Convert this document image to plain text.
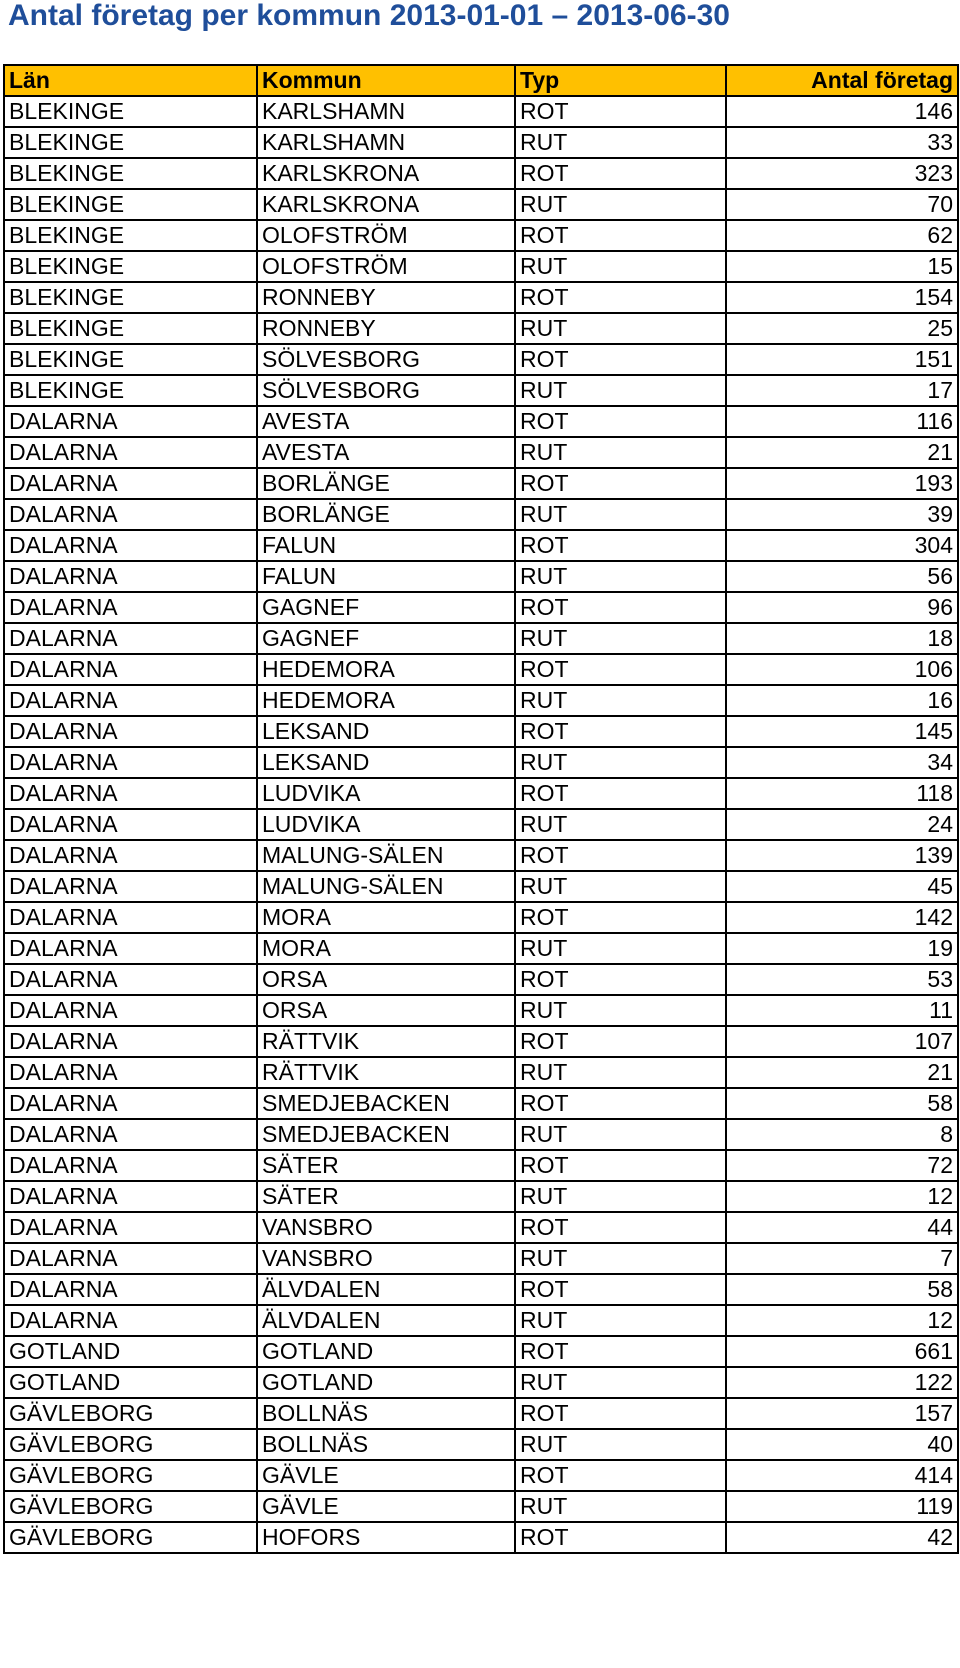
Antal företag per kommun 2013-01-01 – 2013-06-30
Län	Kommun	Typ	Antal företag
BLEKINGE	KARLSHAMN	ROT	146
BLEKINGE	KARLSHAMN	RUT	33
BLEKINGE	KARLSKRONA	ROT	323
BLEKINGE	KARLSKRONA	RUT	70
BLEKINGE	OLOFSTRÖM	ROT	62
BLEKINGE	OLOFSTRÖM	RUT	15
BLEKINGE	RONNEBY	ROT	154
BLEKINGE	RONNEBY	RUT	25
BLEKINGE	SÖLVESBORG	ROT	151
BLEKINGE	SÖLVESBORG	RUT	17
DALARNA	AVESTA	ROT	116
DALARNA	AVESTA	RUT	21
DALARNA	BORLÄNGE	ROT	193
DALARNA	BORLÄNGE	RUT	39
DALARNA	FALUN	ROT	304
DALARNA	FALUN	RUT	56
DALARNA	GAGNEF	ROT	96
DALARNA	GAGNEF	RUT	18
DALARNA	HEDEMORA	ROT	106
DALARNA	HEDEMORA	RUT	16
DALARNA	LEKSAND	ROT	145
DALARNA	LEKSAND	RUT	34
DALARNA	LUDVIKA	ROT	118
DALARNA	LUDVIKA	RUT	24
DALARNA	MALUNG-SÄLEN	ROT	139
DALARNA	MALUNG-SÄLEN	RUT	45
DALARNA	MORA	ROT	142
DALARNA	MORA	RUT	19
DALARNA	ORSA	ROT	53
DALARNA	ORSA	RUT	11
DALARNA	RÄTTVIK	ROT	107
DALARNA	RÄTTVIK	RUT	21
DALARNA	SMEDJEBACKEN	ROT	58
DALARNA	SMEDJEBACKEN	RUT	8
DALARNA	SÄTER	ROT	72
DALARNA	SÄTER	RUT	12
DALARNA	VANSBRO	ROT	44
DALARNA	VANSBRO	RUT	7
DALARNA	ÄLVDALEN	ROT	58
DALARNA	ÄLVDALEN	RUT	12
GOTLAND	GOTLAND	ROT	661
GOTLAND	GOTLAND	RUT	122
GÄVLEBORG	BOLLNÄS	ROT	157
GÄVLEBORG	BOLLNÄS	RUT	40
GÄVLEBORG	GÄVLE	ROT	414
GÄVLEBORG	GÄVLE	RUT	119
GÄVLEBORG	HOFORS	ROT	42
